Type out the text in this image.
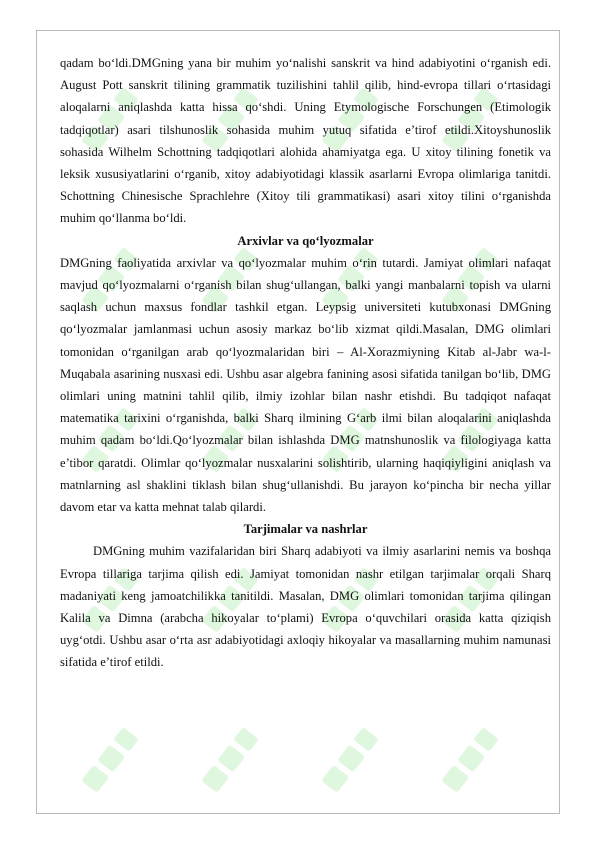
qadam bo‘ldi.DMGning yana bir muhim yo‘nalishi sanskrit va hind adabiyotini o‘rganish edi. August Pott sanskrit tilining grammatik tuzilishini tahlil qilib, hind-evropa tillari o‘rtasidagi aloqalarni aniqlashda katta hissa qo‘shdi. Uning Etymologische Forschungen (Etimologik tadqiqotlar) asari tilshunoslik sohasida muhim yutuq sifatida e’tirof etildi.Xitoyshunoslik sohasida Wilhelm Schottning tadqiqotlari alohida ahamiyatga ega. U xitoy tilining fonetik va leksik xususiyatlarini o‘rganib, xitoy adabiyotidagi klassik asarlarni Evropa olimlariga tanitdi. Schottning Chinesische Sprachlehre (Xitoy tili grammatikasi) asari xitoy tilini o‘rganishda muhim qo‘llanma bo‘ldi.

Arxivlar va qo‘lyozmalar

DMGning faoliyatida arxivlar va qo‘lyozmalar muhim o‘rin tutardi. Jamiyat olimlari nafaqat mavjud qo‘lyozmalarni o‘rganish bilan shug‘ullangan, balki yangi manbalarni topish va ularni saqlash uchun maxsus fondlar tashkil etgan. Leypsig universiteti kutubxonasi DMGning qo‘lyozmalar jamlanmasi uchun asosiy markaz bo‘lib xizmat qildi.Masalan, DMG olimlari tomonidan o‘rganilgan arab qo‘lyozmalaridan biri – Al-Xorazmiyning Kitab al-Jabr wa-l-Muqabala asarining nusxasi edi. Ushbu asar algebra fanining asosi sifatida tanilgan bo‘lib, DMG olimlari uning matnini tahlil qilib, ilmiy izohlar bilan nashr etishdi. Bu tadqiqot nafaqat matematika tarixini o‘rganishda, balki Sharq ilmining G‘arb ilmi bilan aloqalarini aniqlashda muhim qadam bo‘ldi.Qo‘lyozmalar bilan ishlashda DMG matnshunoslik va filologiyaga katta e’tibor qaratdi. Olimlar qo‘lyozmalar nusxalarini solishtirib, ularning haqiqiyligini aniqlash va matnlarning asl shaklini tiklash bilan shug‘ullanishdi. Bu jarayon ko‘pincha bir necha yillar davom etar va katta mehnat talab qilardi.

Tarjimalar va nashrlar

DMGning muhim vazifalaridan biri Sharq adabiyoti va ilmiy asarlarini nemis va boshqa Evropa tillariga tarjima qilish edi. Jamiyat tomonidan nashr etilgan tarjimalar orqali Sharq madaniyati keng jamoatchilikka tanitildi. Masalan, DMG olimlari tomonidan tarjima qilingan Kalila va Dimna (arabcha hikoyalar to‘plami) Evropa o‘quvchilari orasida katta qiziqish uyg‘otdi. Ushbu asar o‘rta asr adabiyotidagi axloqiy hikoyalar va masallarning muhim namunasi sifatida e’tirof etildi.
